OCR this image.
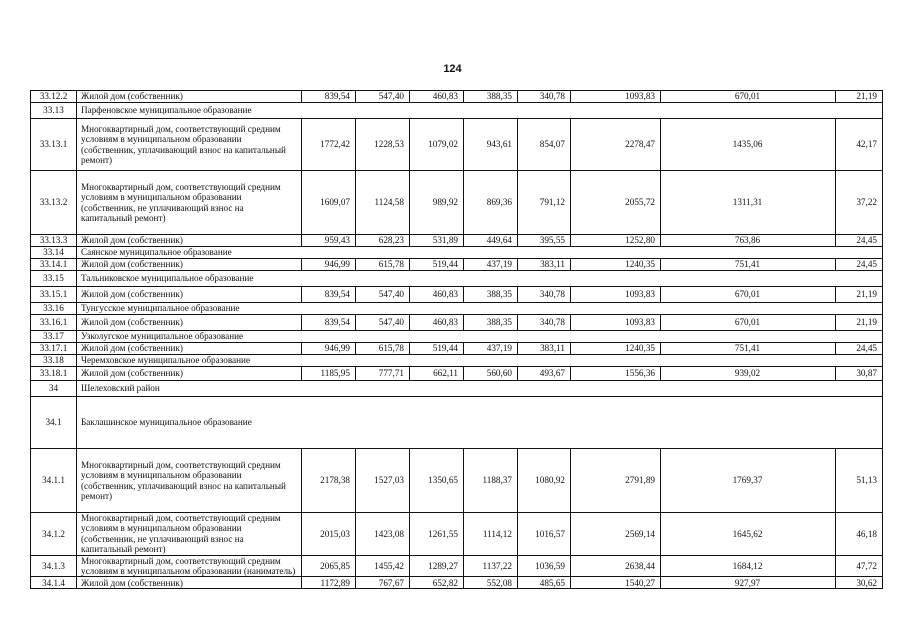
124
33.12.2	Жилой дом (собственник)	839,54	547,40	460,83	388,35	340,78	1093,83	670,01	21,19
33.13	Парфеновское муниципальное образование								
33.13.1	Многоквартирный дом, соответствующий средним условиям в муниципальном образовании (собственник, уплачивающий взнос на капитальный ремонт)	1772,42	1228,53	1079,02	943,61	854,07	2278,47	1435,06	42,17
33.13.2	Многоквартирный дом, соответствующий средним условиям в муниципальном образовании (собственник, не уплачивающий взнос на капитальный ремонт)	1609,07	1124,58	989,92	869,36	791,12	2055,72	1311,31	37,22
33.13.3	Жилой дом (собственник)	959,43	628,23	531,89	449,64	395,55	1252,80	763,86	24,45
33.14	Саянское муниципальное образование								
33.14.1	Жилой дом (собственник)	946,99	615,78	519,44	437,19	383,11	1240,35	751,41	24,45
33.15	Тальниковское муниципальное образование								
33.15.1	Жилой дом (собственник)	839,54	547,40	460,83	388,35	340,78	1093,83	670,01	21,19
33.16	Тунгусское муниципальное образование								
33.16.1	Жилой дом (собственник)	839,54	547,40	460,83	388,35	340,78	1093,83	670,01	21,19
33.17	Узколугское муниципальное образование								
33.17.1	Жилой дом (собственник)	946,99	615,78	519,44	437,19	383,11	1240,35	751,41	24,45
33.18	Черемховское муниципальное образование								
33.18.1	Жилой дом (собственник)	1185,95	777,71	662,11	560,60	493,67	1556,36	939,02	30,87
34	Шелеховский район								
34.1	Баклашинское муниципальное образование								
34.1.1	Многоквартирный дом, соответствующий средним условиям в муниципальном образовании (собственник, уплачивающий взнос на капитальный ремонт)	2178,38	1527,03	1350,65	1188,37	1080,92	2791,89	1769,37	51,13
34.1.2	Многоквартирный дом, соответствующий средним условиям в муниципальном образовании (собственник, не уплачивающий взнос на капитальный ремонт)	2015,03	1423,08	1261,55	1114,12	1016,57	2569,14	1645,62	46,18
34.1.3	Многоквартирный дом, соответствующий средним условиям в муниципальном образовании (наниматель)	2065,85	1455,42	1289,27	1137,22	1036,59	2638,44	1684,12	47,72
34.1.4	Жилой дом (собственник)	1172,89	767,67	652,82	552,08	485,65	1540,27	927,97	30,62
